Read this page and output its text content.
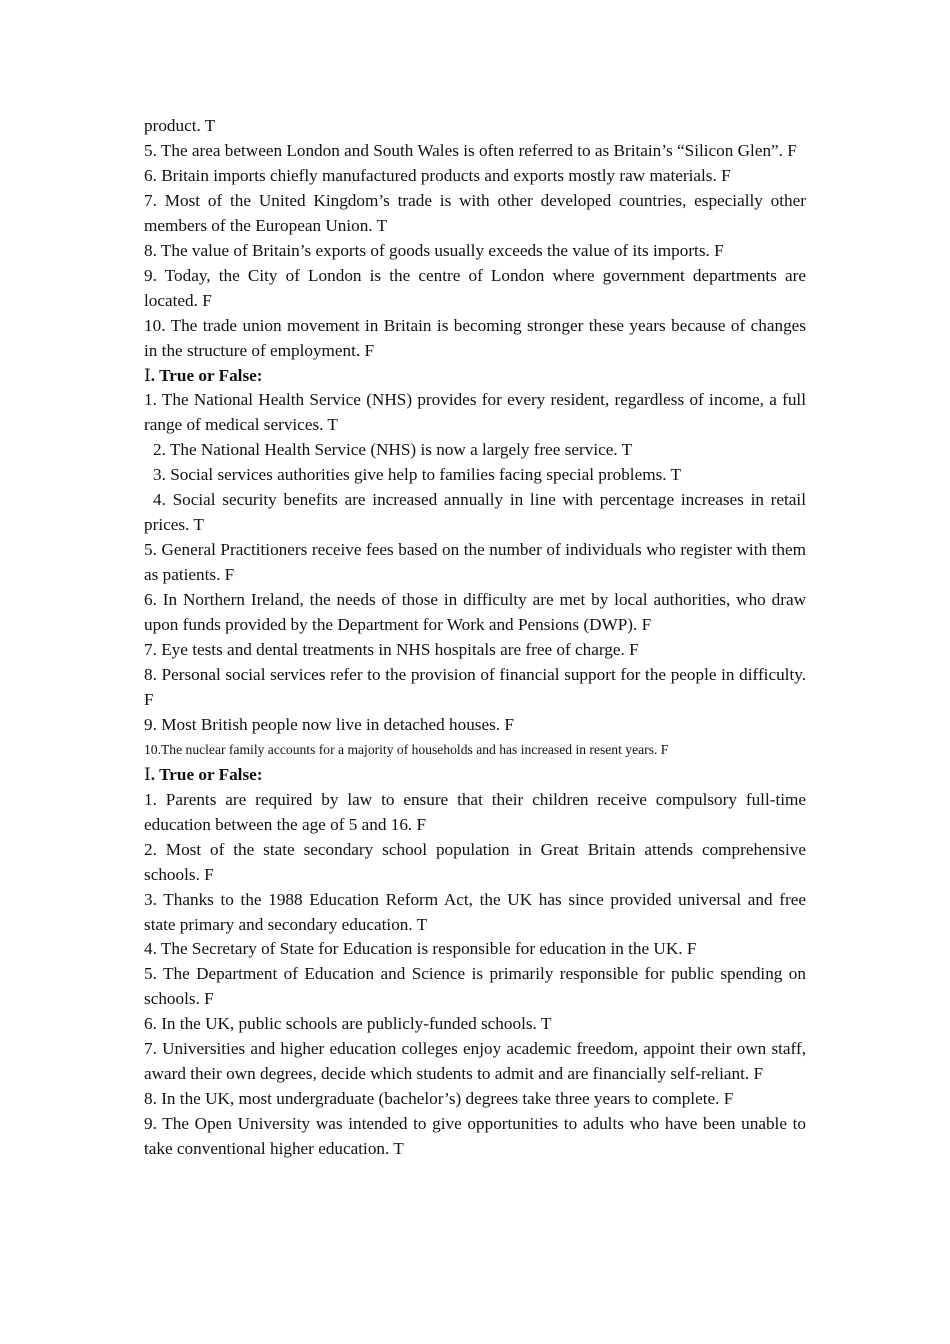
product. T

5. The area between London and South Wales is often referred to as Britain’s “Silicon Glen”. F

6. Britain imports chiefly manufactured products and exports mostly raw materials. F

7. Most of the United Kingdom’s trade is with other developed countries, especially other members of the European Union. T

8. The value of Britain’s exports of goods usually exceeds the value of its imports. F

9. Today, the City of London is the centre of London where government departments are located. F

10. The trade union movement in Britain is becoming stronger these years because of changes in the structure of employment. F

Ⅰ. True or False:

1. The National Health Service (NHS) provides for every resident, regardless of income, a full range of medical services. T

2. The National Health Service (NHS) is now a largely free service. T

3. Social services authorities give help to families facing special problems. T

4. Social security benefits are increased annually in line with percentage increases in retail prices. T

5. General Practitioners receive fees based on the number of individuals who register with them as patients. F

6. In Northern Ireland, the needs of those in difficulty are met by local authorities, who draw upon funds provided by the Department for Work and Pensions (DWP). F

7. Eye tests and dental treatments in NHS hospitals are free of charge. F

8. Personal social services refer to the provision of financial support for the people in difficulty. F

9. Most British people now live in detached houses. F

10.The nuclear family accounts for a majority of households and has increased in resent years. F

Ⅰ. True or False:

1. Parents are required by law to ensure that their children receive compulsory full-time education between the age of 5 and 16. F

2. Most of the state secondary school population in Great Britain attends comprehensive schools. F

3. Thanks to the 1988 Education Reform Act, the UK has since provided universal and free state primary and secondary education. T

4. The Secretary of State for Education is responsible for education in the UK. F

5. The Department of Education and Science is primarily responsible for public spending on schools. F

6. In the UK, public schools are publicly-funded schools. T

7. Universities and higher education colleges enjoy academic freedom, appoint their own staff, award their own degrees, decide which students to admit and are financially self-reliant. F

8. In the UK, most undergraduate (bachelor’s) degrees take three years to complete. F

9. The Open University was intended to give opportunities to adults who have been unable to take conventional higher education. T
